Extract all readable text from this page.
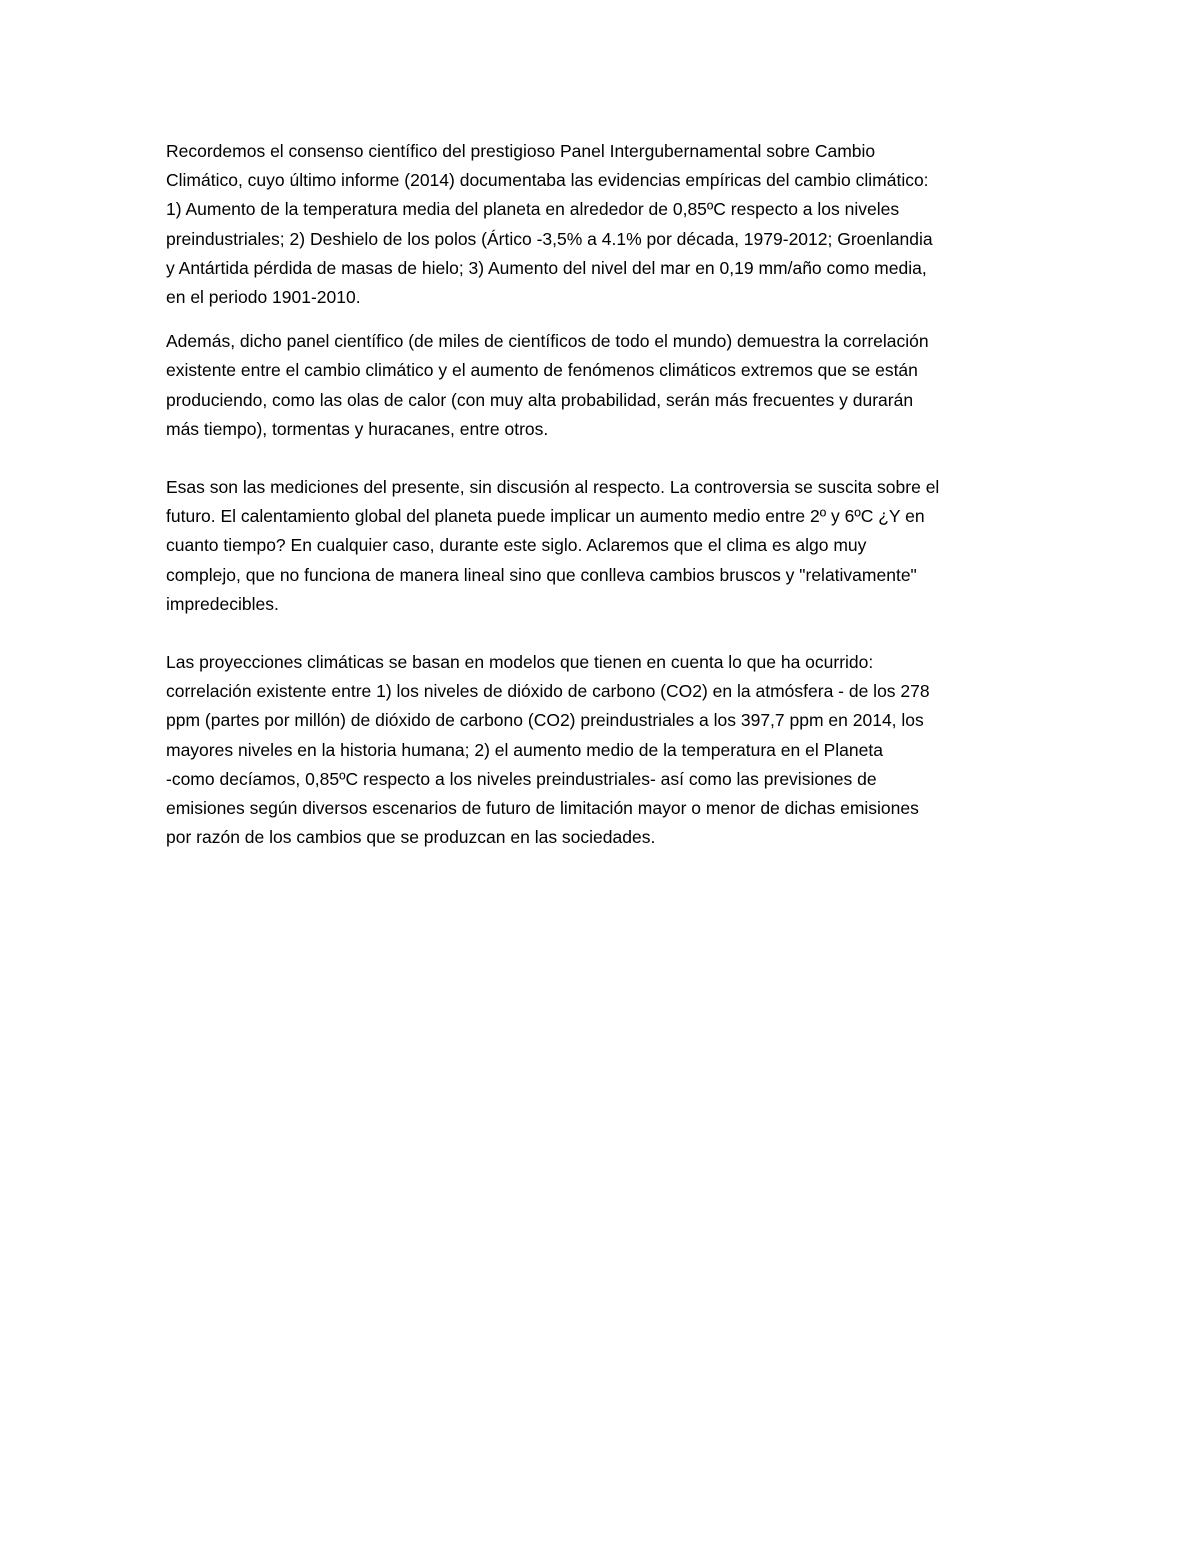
Recordemos el consenso científico del prestigioso Panel Intergubernamental sobre Cambio
Climático, cuyo último informe (2014) documentaba las evidencias empíricas del cambio climático:
1) Aumento de la temperatura media del planeta en alrededor de 0,85ºC respecto a los niveles
preindustriales; 2) Deshielo de los polos (Ártico -3,5% a 4.1% por década, 1979-2012; Groenlandia
y Antártida pérdida de masas de hielo; 3) Aumento del nivel del mar en 0,19 mm/año como media,
en el periodo 1901-2010.

Además, dicho panel científico (de miles de científicos de todo el mundo) demuestra la correlación
existente entre el cambio climático y el aumento de fenómenos climáticos extremos que se están
produciendo, como las olas de calor (con muy alta probabilidad, serán más frecuentes y durarán
más tiempo), tormentas y huracanes, entre otros.

Esas son las mediciones del presente, sin discusión al respecto. La controversia se suscita sobre el
futuro. El calentamiento global del planeta puede implicar un aumento medio entre 2º y 6ºC ¿Y en
cuanto tiempo? En cualquier caso, durante este siglo. Aclaremos que el clima es algo muy
complejo, que no funciona de manera lineal sino que conlleva cambios bruscos y "relativamente"
impredecibles.

Las proyecciones climáticas se basan en modelos que tienen en cuenta lo que ha ocurrido:
correlación existente entre 1) los niveles de dióxido de carbono (CO2) en la atmósfera - de los 278
ppm (partes por millón) de dióxido de carbono (CO2) preindustriales a los 397,7 ppm en 2014, los
mayores niveles en la historia humana; 2) el aumento medio de la temperatura en el Planeta
-como decíamos, 0,85ºC respecto a los niveles preindustriales- así como las previsiones de
emisiones según diversos escenarios de futuro de limitación mayor o menor de dichas emisiones
por razón de los cambios que se produzcan en las sociedades.
